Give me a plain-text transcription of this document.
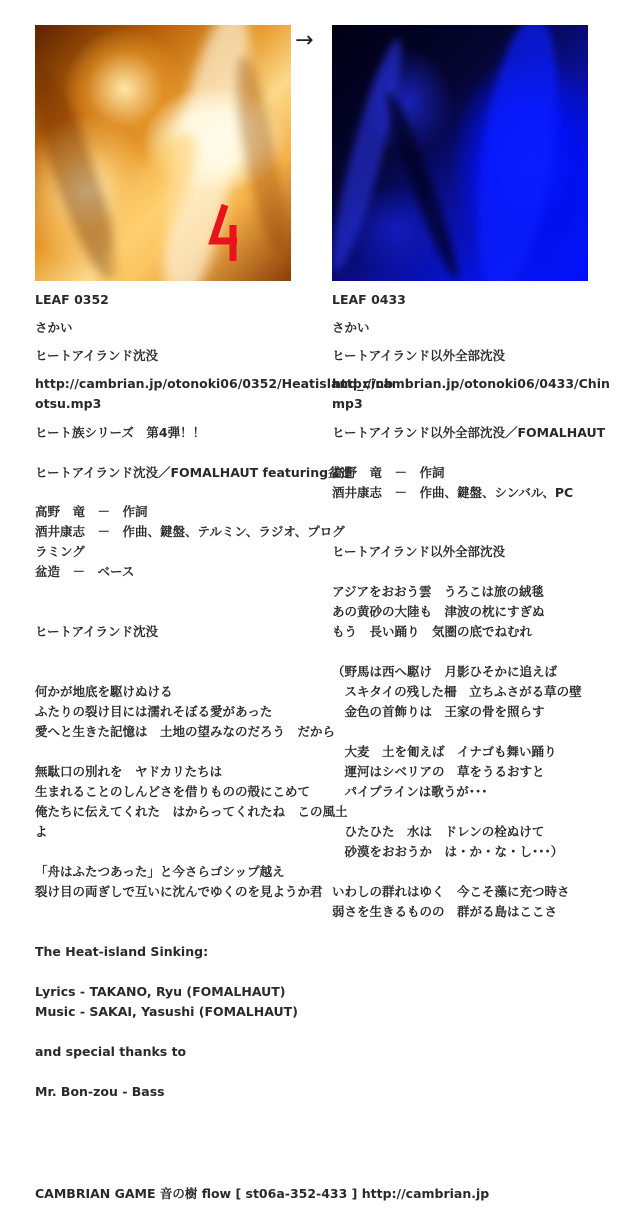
→
LEAF 0352
さかい
ヒートアイランド沈没
http://cambrian.jp/otonoki06/0352/Heatisland_cinb
otsu.mp3
ヒート族シリーズ　第4弾！！
ヒートアイランド沈没／FOMALHAUT featuring盆造
高野　竜　－　作詞
酒井康志　－　作曲、鍵盤、テルミン、ラジオ、プログ
ラミング
盆造　－　ベース
ヒートアイランド沈没
何かが地底を駆けぬける
ふたりの裂け目には濡れそぼる愛があった
愛へと生きた記憶は　土地の望みなのだろう　だから
無駄口の別れを　ヤドカリたちは
生まれることのしんどさを借りものの殻にこめて
俺たちに伝えてくれた　はからってくれたね　この風土
よ
「舟はふたつあった」と今さらゴシップ越え
裂け目の両ぎしで互いに沈んでゆくのを見ようか君
The Heat-island Sinking:
Lyrics - TAKANO, Ryu (FOMALHAUT)
Music - SAKAI, Yasushi (FOMALHAUT)
and special thanks to
Mr. Bon-zou - Bass
LEAF 0433
さかい
ヒートアイランド以外全部沈没
http://cambrian.jp/otonoki06/0433/Chin
mp3
ヒートアイランド以外全部沈没／FOMALHAUT
高野　竜　－　作詞
酒井康志　－　作曲、鍵盤、シンバル、PC
ヒートアイランド以外全部沈没
アジアをおおう雲　うろこは旅の絨毯
あの黄砂の大陸も　津波の枕にすぎぬ
もう　長い踊り　気圏の底でねむれ
（野馬は西へ駆け　月影ひそかに追えば
　スキタイの残した柵　立ちふさがる草の壁
　金色の首飾りは　王家の骨を照らす
　大麦　土を匍えば　イナゴも舞い踊り
　運河はシベリアの　草をうるおすと
　パイプラインは歌うが･･･
　ひたひた　水は　ドレンの栓ぬけて
　砂漠をおおうか　は・か・な・し･･･）
いわしの群れはゆく　今こそ藻に充つ時さ
弱さを生きるものの　群がる島はここさ
CAMBRIAN GAME 音の樹 flow [ st06a-352-433 ] http://cambrian.jp
